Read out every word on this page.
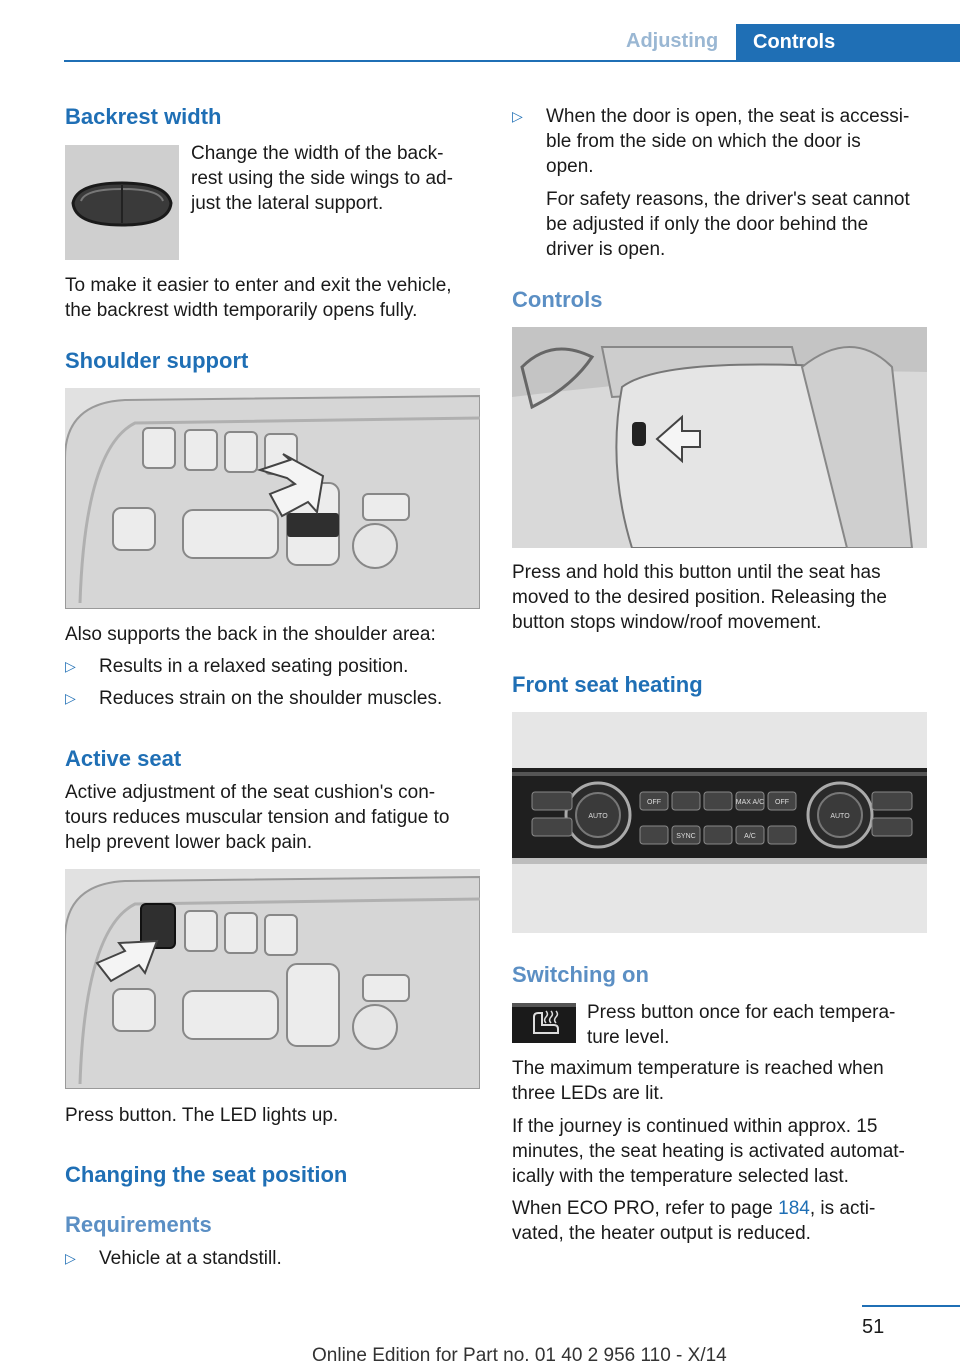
Adjusting	Controls
Backrest width

Change the width of the back‐

rest using the side wings to ad‐

just the lateral support.

To make it easier to enter and exit the vehicle,

the backrest width temporarily opens fully.

Shoulder support

Also supports the back in the shoulder area:

▷ Results in a relaxed seating position.

▷ Reduces strain on the shoulder muscles.

Active seat

Active adjustment of the seat cushion's con‐

tours reduces muscular tension and fatigue to

help prevent lower back pain.

Press button. The LED lights up.

Changing the seat position
Requirements

▷ Vehicle at a standstill.

▷ When the door is open, the seat is accessi‐
ble from the side on which the door is
open.
For safety reasons, the driver's seat cannot
be adjusted if only the door behind the
driver is open.
Controls
Press and hold this button until the seat has
moved to the desired position. Releasing the
button stops window/roof movement.
Front seat heating
AUTO
SYNC	A/C
MAX A/C
AUTO
OFF	OFF
Switching on
Press button once for each tempera‐
ture level.
The maximum temperature is reached when
three LEDs are lit.
If the journey is continued within approx. 15
minutes, the seat heating is activated automat‐
ically with the temperature selected last.
When ECO PRO, refer to page 184, is acti‐
vated, the heater output is reduced.
51
Online Edition for Part no. 01 40 2 956 110 - X/14
